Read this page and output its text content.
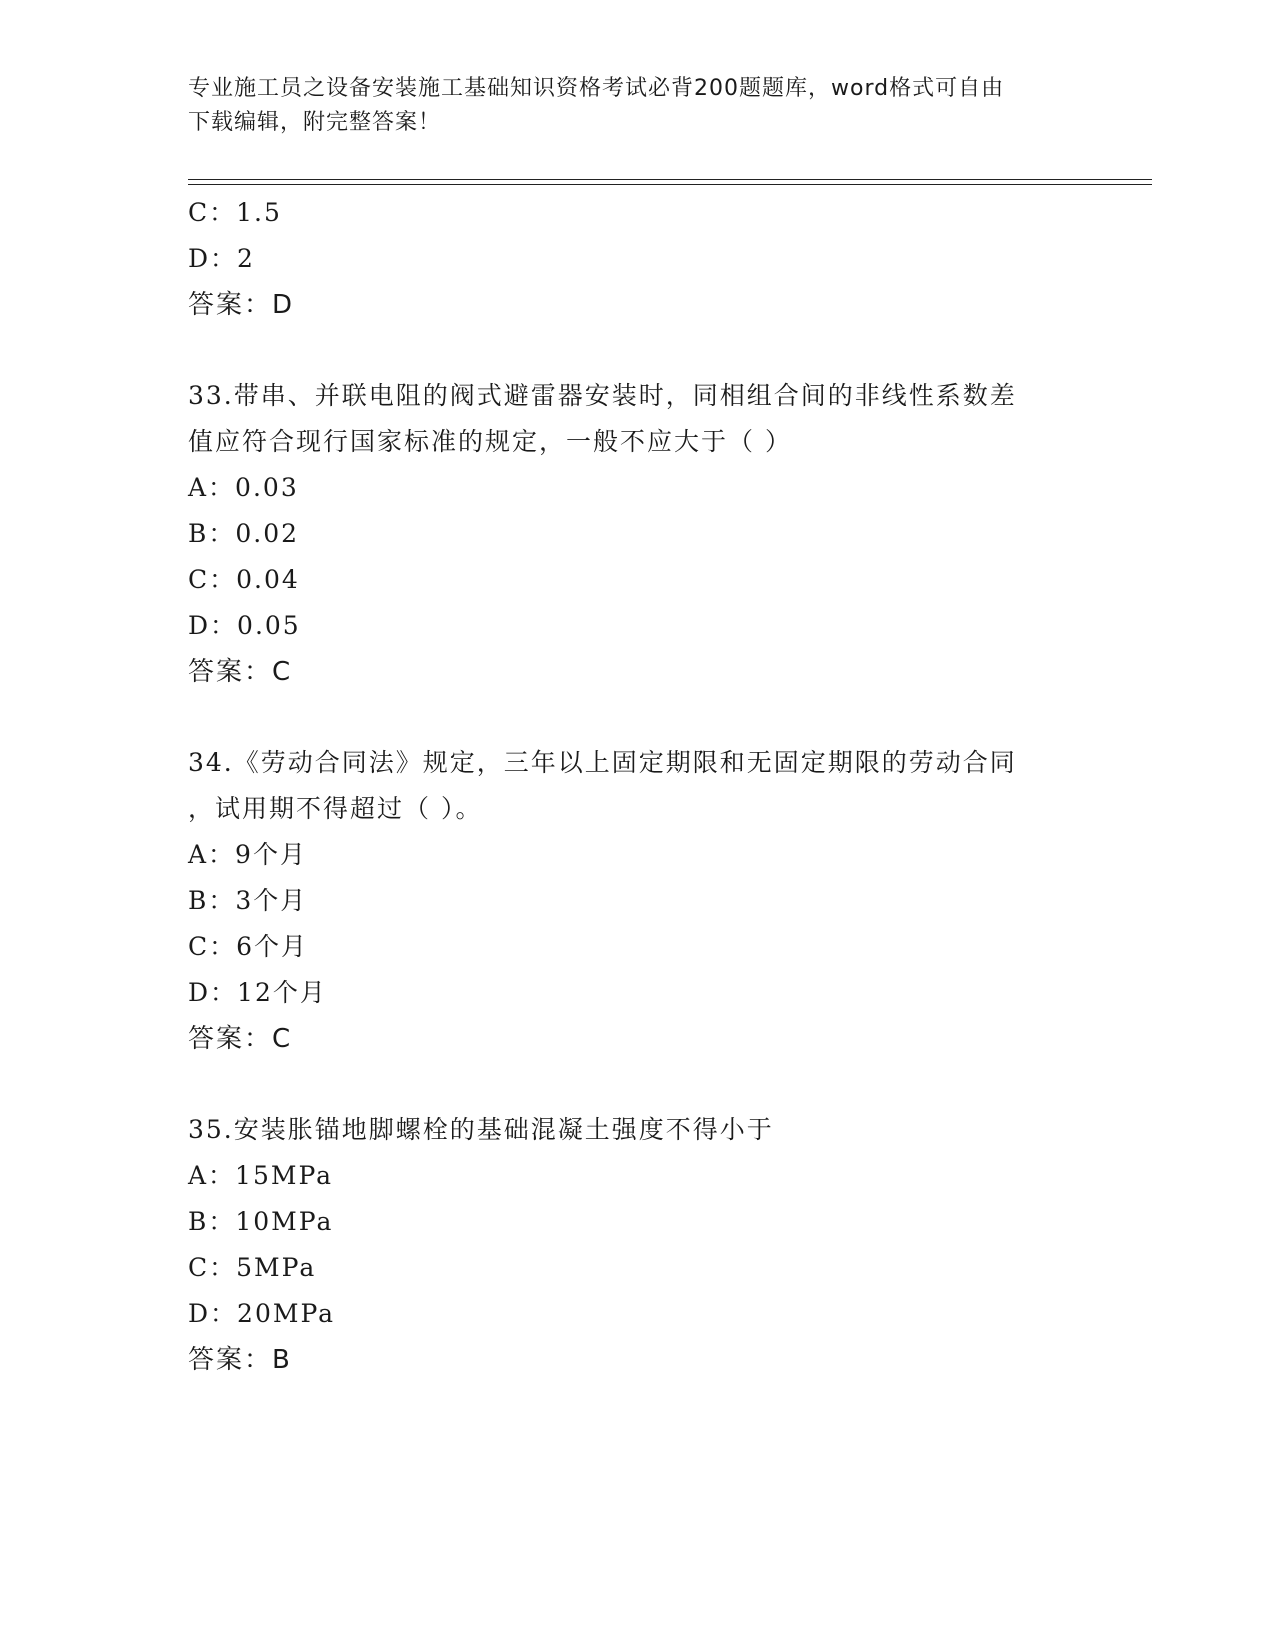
专业施工员之设备安装施工基础知识资格考试必背200题题库，word格式可自由
下载编辑，附完整答案！
C：1.5
D：2
答案：D
33.带串、并联电阻的阀式避雷器安装时，同相组合间的非线性系数差
值应符合现行国家标准的规定，一般不应大于（ ）
A：0.03
B：0.02
C：0.04
D：0.05
答案：C
34.《劳动合同法》规定，三年以上固定期限和无固定期限的劳动合同
，试用期不得超过（ ）。
A：9个月
B：3个月
C：6个月
D：12个月
答案：C
35.安装胀锚地脚螺栓的基础混凝土强度不得小于
A：15MPa
B：10MPa
C：5MPa
D：20MPa
答案：B
